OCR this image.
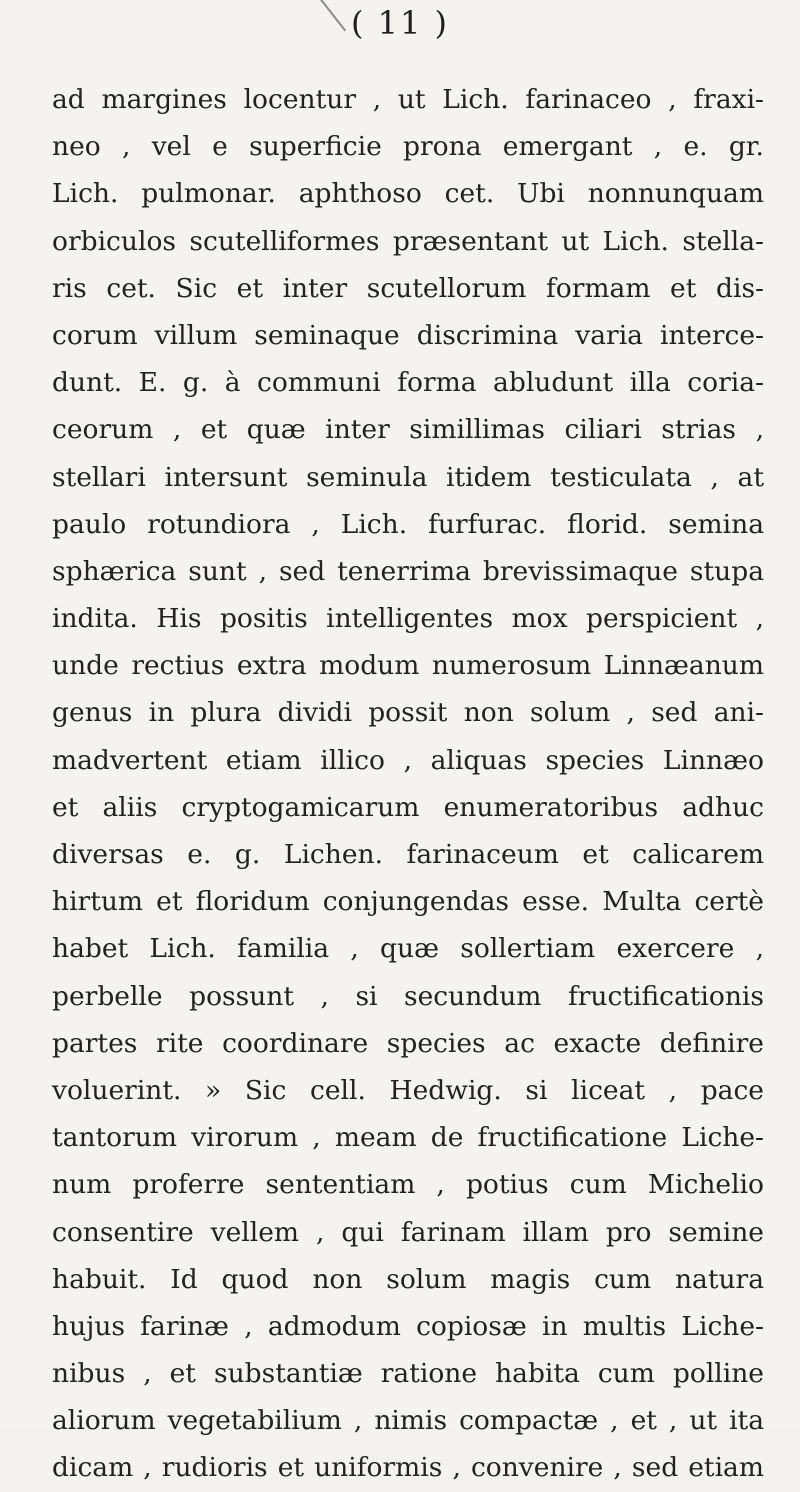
( 11 )
ad margines locentur , ut Lich. farinaceo , fraxi-
neo , vel e superficie prona emergant , e. gr.
Lich. pulmonar. aphthoso cet. Ubi nonnunquam
orbiculos scutelliformes præsentant ut Lich. stella-
ris cet. Sic et inter scutellorum formam et dis-
corum villum seminaque discrimina varia interce-
dunt. E. g. à communi forma abludunt illa coria-
ceorum , et quæ inter simillimas ciliari strias ,
stellari intersunt seminula itidem testiculata , at
paulo rotundiora , Lich. furfurac. florid. semina
sphærica sunt , sed tenerrima brevissimaque stupa
indita. His positis intelligentes mox perspicient ,
unde rectius extra modum numerosum Linnæanum
genus in plura dividi possit non solum , sed ani-
madvertent etiam illico , aliquas species Linnæo
et aliis cryptogamicarum enumeratoribus adhuc
diversas e. g. Lichen. farinaceum et calicarem
hirtum et floridum conjungendas esse. Multa certè
habet Lich. familia , quæ sollertiam exercere ,
perbelle possunt , si secundum fructificationis
partes rite coordinare species ac exacte definire
voluerint. » Sic cell. Hedwig. si liceat , pace
tantorum virorum , meam de fructificatione Liche-
num proferre sententiam , potius cum Michelio
consentire vellem , qui farinam illam pro semine
habuit. Id quod non solum magis cum natura
hujus farinæ , admodum copiosæ in multis Liche-
nibus , et substantiæ ratione habita cum polline
aliorum vegetabilium , nimis compactæ , et , ut ita
dicam , rudioris et uniformis , convenire , sed etiam
